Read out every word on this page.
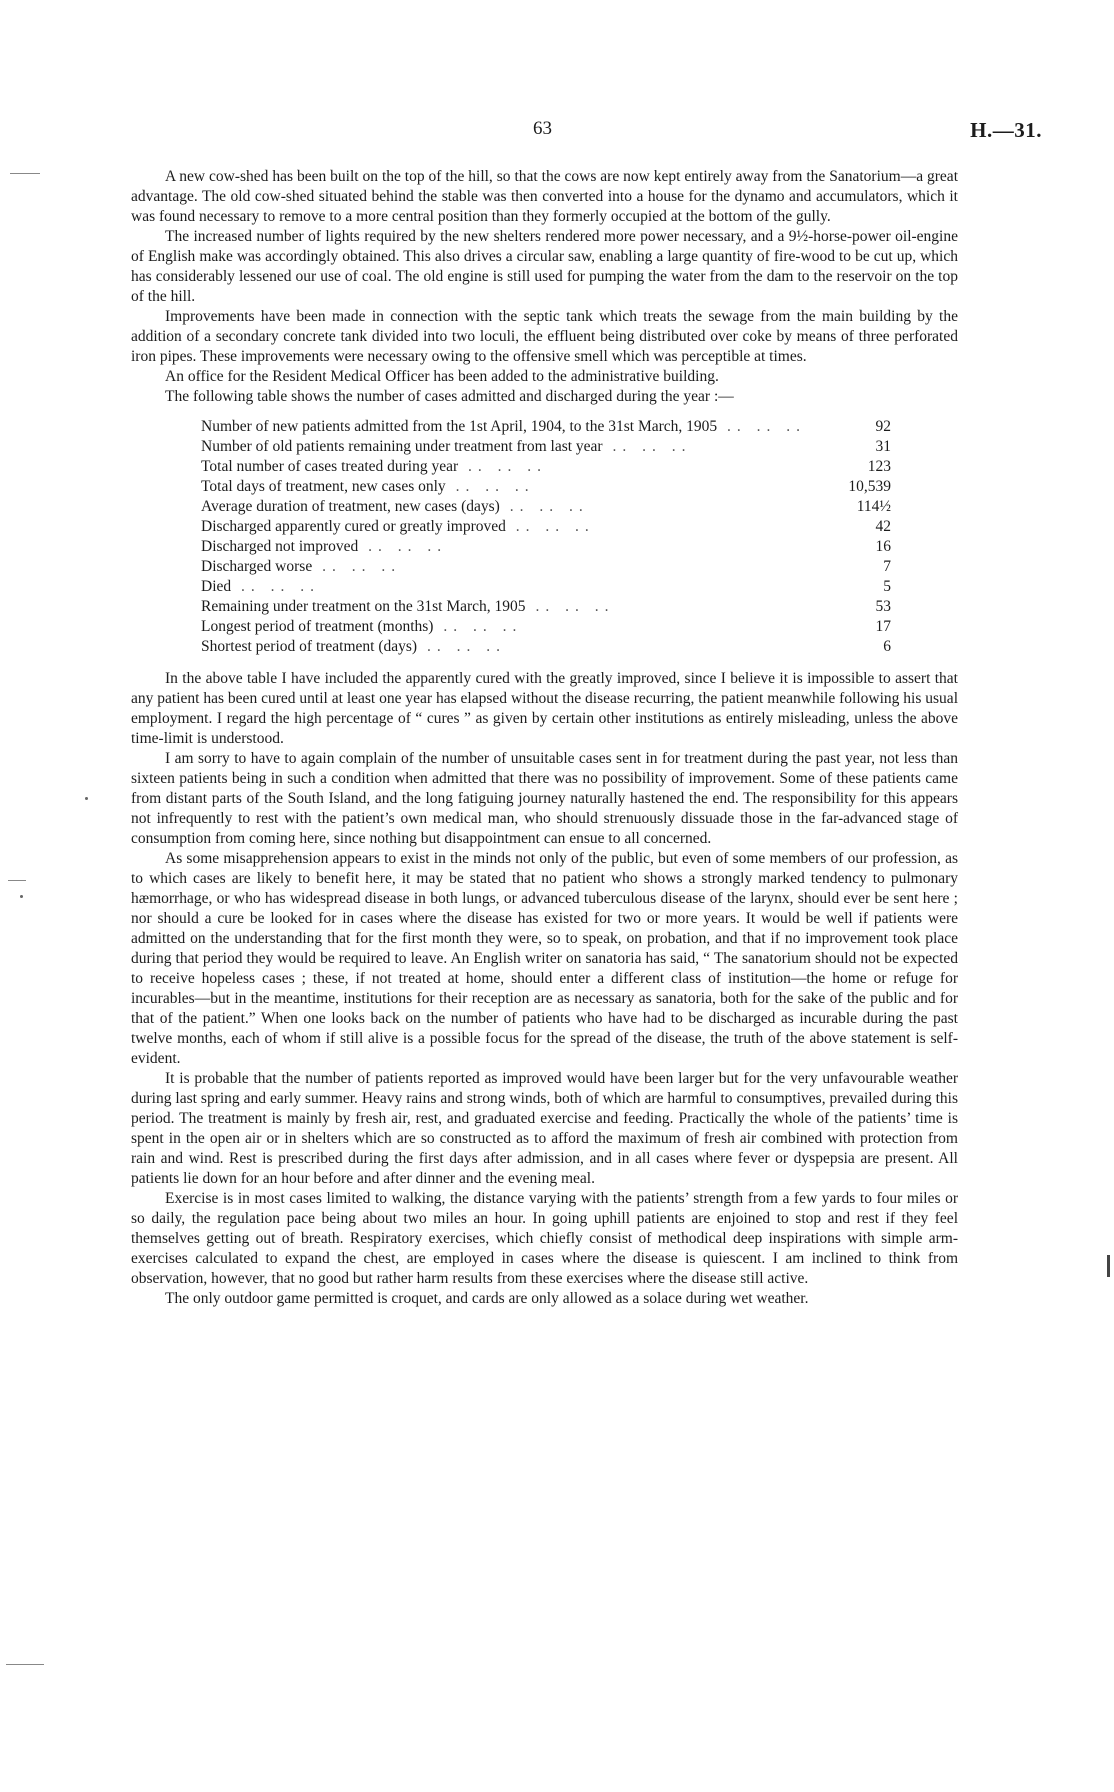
63	H.—31.

A new cow-shed has been built on the top of the hill, so that the cows are now kept entirely away from the Sanatorium—a great advantage. The old cow-shed situated behind the stable was then converted into a house for the dynamo and accumulators, which it was found necessary to remove to a more central position than they formerly occupied at the bottom of the gully.

The increased number of lights required by the new shelters rendered more power necessary, and a 9½-horse-power oil-engine of English make was accordingly obtained. This also drives a circular saw, enabling a large quantity of fire-wood to be cut up, which has considerably lessened our use of coal. The old engine is still used for pumping the water from the dam to the reservoir on the top of the hill.

Improvements have been made in connection with the septic tank which treats the sewage from the main building by the addition of a secondary concrete tank divided into two loculi, the effluent being distributed over coke by means of three perforated iron pipes. These improvements were necessary owing to the offensive smell which was perceptible at times.

An office for the Resident Medical Officer has been added to the administrative building.

The following table shows the number of cases admitted and discharged during the year :—

Number of new patients admitted from the 1st April, 1904, to the 31st March, 1905 .. .. ..	92
Number of old patients remaining under treatment from last year .. .. ..	31
Total number of cases treated during year .. .. ..	123
Total days of treatment, new cases only .. .. ..	10,539
Average duration of treatment, new cases (days) .. .. ..	114½
Discharged apparently cured or greatly improved .. .. ..	42
Discharged not improved .. .. ..	16
Discharged worse .. .. ..	7
Died .. .. ..	5
Remaining under treatment on the 31st March, 1905 .. .. ..	53
Longest period of treatment (months) .. .. ..	17
Shortest period of treatment (days) .. .. ..	6

In the above table I have included the apparently cured with the greatly improved, since I believe it is impossible to assert that any patient has been cured until at least one year has elapsed without the disease recurring, the patient meanwhile following his usual employment. I regard the high percentage of “ cures ” as given by certain other institutions as entirely misleading, unless the above time-limit is understood.

I am sorry to have to again complain of the number of unsuitable cases sent in for treatment during the past year, not less than sixteen patients being in such a condition when admitted that there was no possibility of improvement. Some of these patients came from distant parts of the South Island, and the long fatiguing journey naturally hastened the end. The responsibility for this appears not infrequently to rest with the patient’s own medical man, who should strenuously dissuade those in the far-advanced stage of consumption from coming here, since nothing but disappointment can ensue to all concerned.

As some misapprehension appears to exist in the minds not only of the public, but even of some members of our profession, as to which cases are likely to benefit here, it may be stated that no patient who shows a strongly marked tendency to pulmonary hæmorrhage, or who has widespread disease in both lungs, or advanced tuberculous disease of the larynx, should ever be sent here ; nor should a cure be looked for in cases where the disease has existed for two or more years. It would be well if patients were admitted on the understanding that for the first month they were, so to speak, on probation, and that if no improvement took place during that period they would be required to leave. An English writer on sanatoria has said, “ The sanatorium should not be expected to receive hopeless cases ; these, if not treated at home, should enter a different class of institution—the home or refuge for incurables—but in the meantime, institutions for their reception are as necessary as sanatoria, both for the sake of the public and for that of the patient.” When one looks back on the number of patients who have had to be discharged as incurable during the past twelve months, each of whom if still alive is a possible focus for the spread of the disease, the truth of the above statement is self-evident.

It is probable that the number of patients reported as improved would have been larger but for the very unfavourable weather during last spring and early summer. Heavy rains and strong winds, both of which are harmful to consumptives, prevailed during this period. The treatment is mainly by fresh air, rest, and graduated exercise and feeding. Practically the whole of the patients’ time is spent in the open air or in shelters which are so constructed as to afford the maximum of fresh air combined with protection from rain and wind. Rest is prescribed during the first days after admission, and in all cases where fever or dyspepsia are present. All patients lie down for an hour before and after dinner and the evening meal.

Exercise is in most cases limited to walking, the distance varying with the patients’ strength from a few yards to four miles or so daily, the regulation pace being about two miles an hour. In going uphill patients are enjoined to stop and rest if they feel themselves getting out of breath. Respiratory exercises, which chiefly consist of methodical deep inspirations with simple arm-exercises calculated to expand the chest, are employed in cases where the disease is quiescent. I am inclined to think from observation, however, that no good but rather harm results from these exercises where the disease still active.

The only outdoor game permitted is croquet, and cards are only allowed as a solace during wet weather.
